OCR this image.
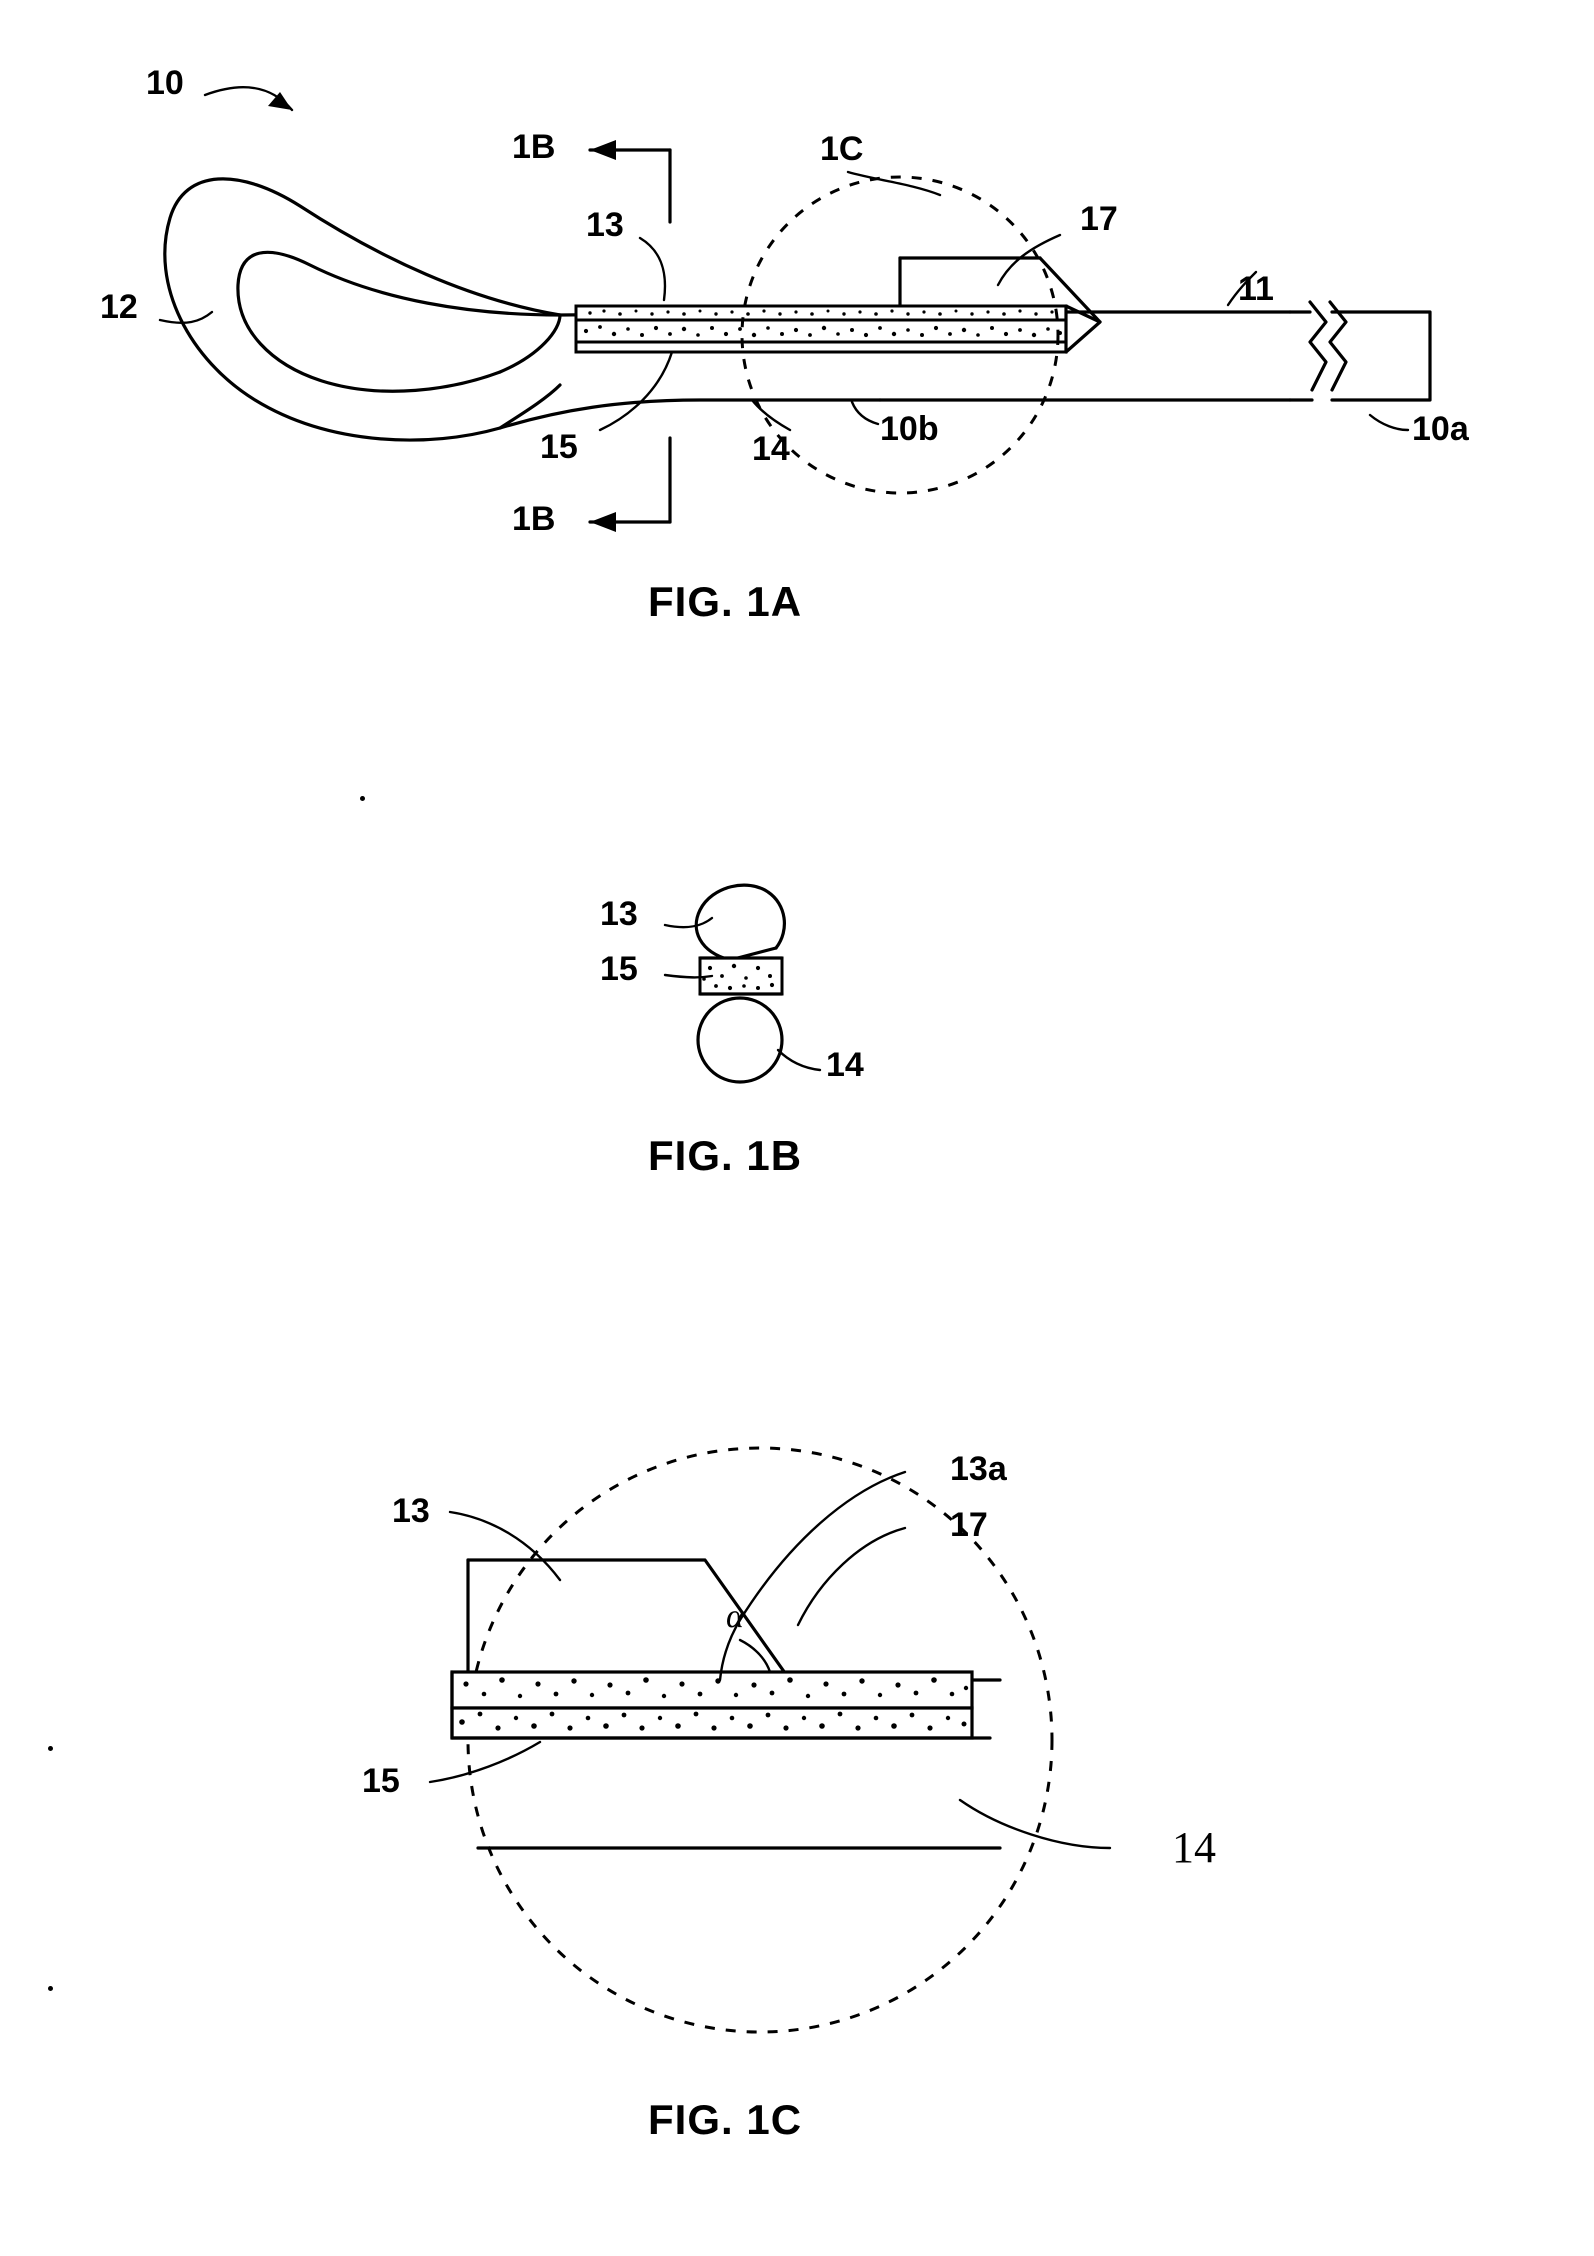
10
12
13
15	14
17
11
10a
10b
1B
1B
1C
FIG. 1A
13
15
14
FIG. 1B
13
13a
17
15
14
α
FIG. 1C
